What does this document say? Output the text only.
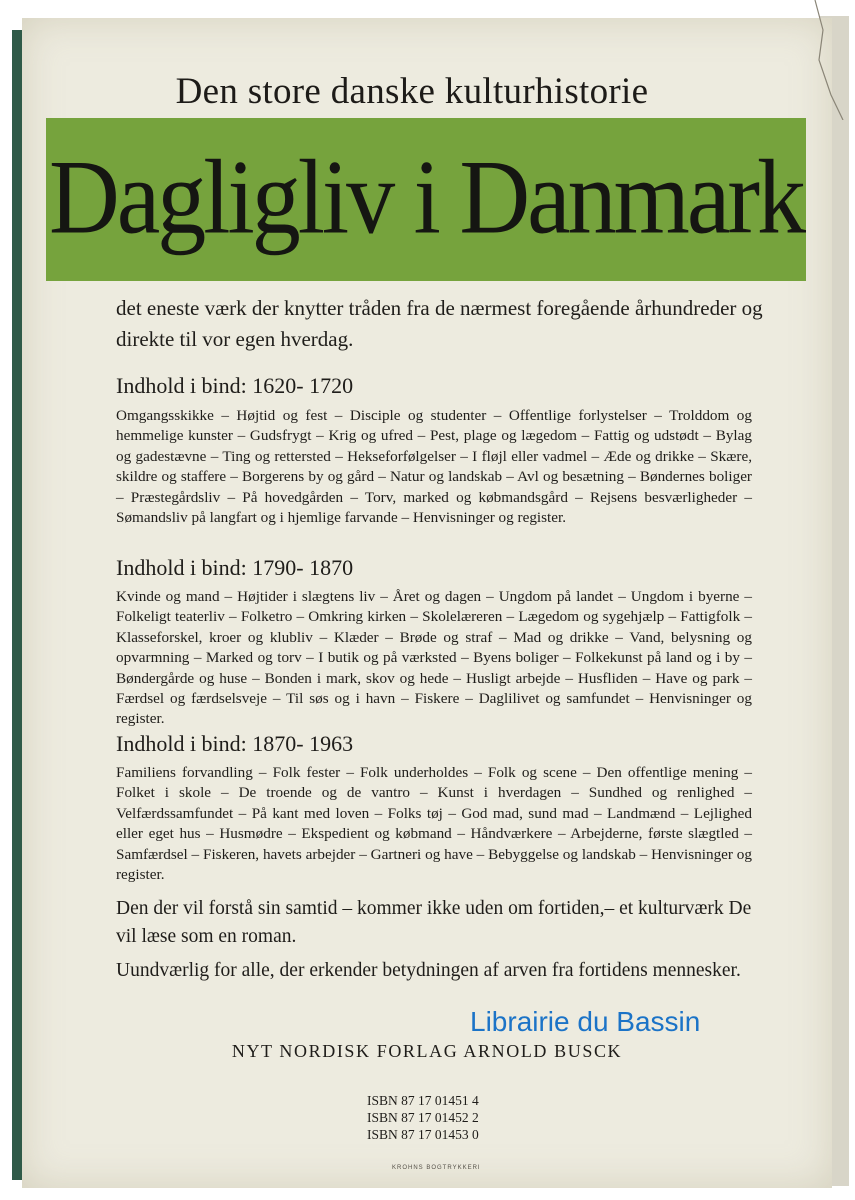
Den store danske kulturhistorie
Dagligliv i Danmark
det eneste værk der knytter tråden fra de nærmest foregående århundreder og direkte til vor egen hverdag.
Indhold i bind: 1620- 1720
Omgangsskikke – Højtid og fest – Disciple og studenter – Offentlige forlystelser – Trolddom og hemmelige kunster – Gudsfrygt – Krig og ufred – Pest, plage og lægedom – Fattig og udstødt – Bylag og gadestævne – Ting og rettersted – Hekseforfølgelser – I fløjl eller vadmel – Æde og drikke – Skære, skildre og staffere – Borgerens by og gård – Natur og landskab – Avl og besætning – Bøndernes boliger – Præstegårdsliv – På hovedgården – Torv, marked og købmandsgård – Rejsens besværligheder – Sømandsliv på langfart og i hjemlige farvande – Henvisninger og register.
Indhold i bind: 1790- 1870
Kvinde og mand – Højtider i slægtens liv – Året og dagen – Ungdom på landet – Ungdom i byerne – Folkeligt teaterliv – Folketro – Omkring kirken – Skolelæreren – Lægedom og sygehjælp – Fattigfolk – Klasseforskel, kroer og klubliv – Klæder – Brøde og straf – Mad og drikke – Vand, belysning og opvarmning – Marked og torv – I butik og på værksted – Byens boliger – Folkekunst på land og i by – Bøndergårde og huse – Bonden i mark, skov og hede – Husligt arbejde – Husfliden – Have og park – Færdsel og færdselsveje – Til søs og i havn – Fiskere – Daglilivet og samfundet – Henvisninger og register.
Indhold i bind: 1870- 1963
Familiens forvandling – Folk fester – Folk underholdes – Folk og scene – Den offentlige mening – Folket i skole – De troende og de vantro – Kunst i hverdagen – Sundhed og renlighed – Velfærdssamfundet – På kant med loven – Folks tøj – God mad, sund mad – Landmænd – Lejlighed eller eget hus – Husmødre – Ekspedient og købmand – Håndværkere – Arbejderne, første slægtled – Samfærdsel – Fiskeren, havets arbejder – Gartneri og have – Bebyggelse og landskab – Henvisninger og register.
Den der vil forstå sin samtid – kommer ikke uden om fortiden,– et kulturværk De vil læse som en roman.
Uundværlig for alle, der erkender betydningen af arven fra fortidens mennesker.
Librairie du Bassin
NYT NORDISK FORLAG ARNOLD BUSCK
ISBN 87 17 01451 4
ISBN 87 17 01452 2
ISBN 87 17 01453 0
KROHNS BOGTRYKKERI
